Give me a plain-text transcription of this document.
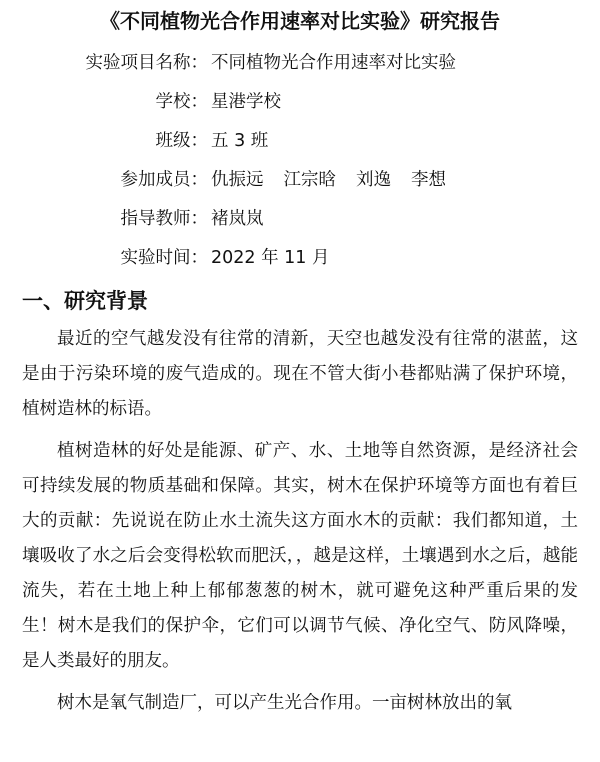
《不同植物光合作用速率对比实验》研究报告
实验项目名称： 不同植物光合作用速率对比实验
学校： 星港学校
班级： 五 3 班
参加成员： 仇振远 江宗晗 刘逸 李想
指导教师： 褚岚岚
实验时间： 2022 年 11 月
一、研究背景

最近的空气越发没有往常的清新，天空也越发没有往常的湛蓝，这是由于污染环境的废气造成的。现在不管大街小巷都贴满了保护环境，植树造林的标语。

植树造林的好处是能源、矿产、水、土地等自然资源，是经济社会可持续发展的物质基础和保障。其实，树木在保护环境等方面也有着巨大的贡献：先说说在防止水土流失这方面水木的贡献：我们都知道，土壤吸收了水之后会变得松软而肥沃，，越是这样，土壤遇到水之后，越能流失，若在土地上种上郁郁葱葱的树木，就可避免这种严重后果的发生！树木是我们的保护伞，它们可以调节气候、净化空气、防风降噪，是人类最好的朋友。

树木是氧气制造厂，可以产生光合作用。一亩树林放出的氧
